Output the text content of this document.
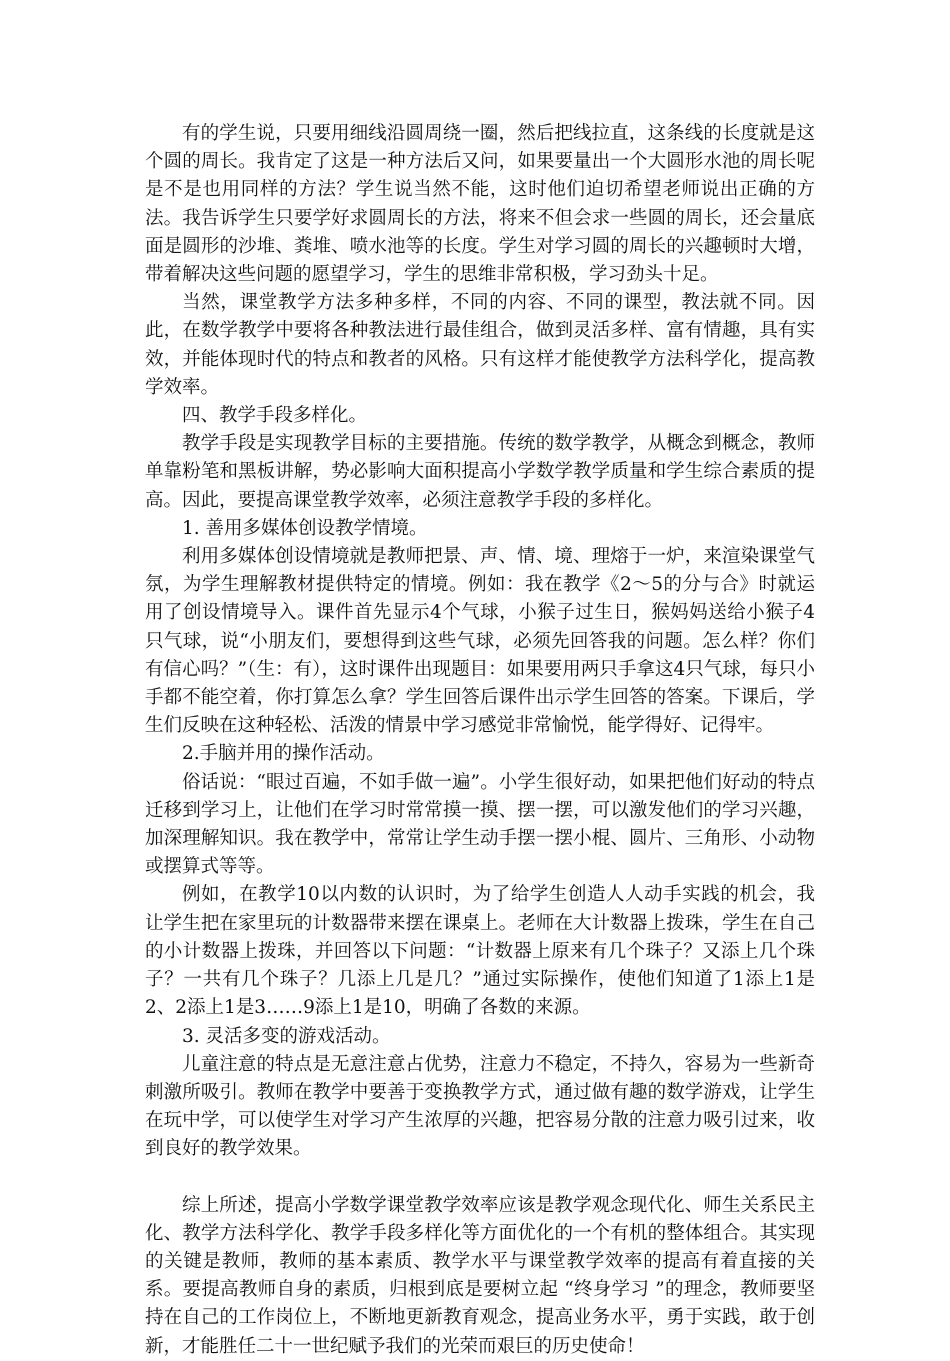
有的学生说，只要用细线沿圆周绕一圈，然后把线拉直，这条线的长度就是这个圆的周长。我肯定了这是一种方法后又问，如果要量出一个大圆形水池的周长呢是不是也用同样的方法？学生说当然不能，这时他们迫切希望老师说出正确的方法。我告诉学生只要学好求圆周长的方法，将来不但会求一些圆的周长，还会量底面是圆形的沙堆、粪堆、喷水池等的长度。学生对学习圆的周长的兴趣顿时大增，带着解决这些问题的愿望学习，学生的思维非常积极，学习劲头十足。

当然，课堂教学方法多种多样，不同的内容、不同的课型，教法就不同。因此，在数学教学中要将各种教法进行最佳组合，做到灵活多样、富有情趣，具有实效，并能体现时代的特点和教者的风格。只有这样才能使教学方法科学化，提高教学效率。

四、教学手段多样化。

教学手段是实现教学目标的主要措施。传统的数学教学，从概念到概念，教师单靠粉笔和黑板讲解，势必影响大面积提高小学数学教学质量和学生综合素质的提高。因此，要提高课堂教学效率，必须注意教学手段的多样化。

1. 善用多媒体创设教学情境。

利用多媒体创设情境就是教师把景、声、情、境、理熔于一炉，来渲染课堂气氛，为学生理解教材提供特定的情境。例如：我在教学《2～5的分与合》时就运用了创设情境导入。课件首先显示4个气球，小猴子过生日，猴妈妈送给小猴子4只气球，说“小朋友们，要想得到这些气球，必须先回答我的问题。怎么样？你们有信心吗？”（生：有），这时课件出现题目：如果要用两只手拿这4只气球，每只小手都不能空着，你打算怎么拿？学生回答后课件出示学生回答的答案。下课后，学生们反映在这种轻松、活泼的情景中学习感觉非常愉悦，能学得好、记得牢。

2.手脑并用的操作活动。

俗话说：“眼过百遍，不如手做一遍”。小学生很好动，如果把他们好动的特点迁移到学习上，让他们在学习时常常摸一摸、摆一摆，可以激发他们的学习兴趣，加深理解知识。我在教学中，常常让学生动手摆一摆小棍、圆片、三角形、小动物或摆算式等等。

例如，在教学10以内数的认识时，为了给学生创造人人动手实践的机会，我让学生把在家里玩的计数器带来摆在课桌上。老师在大计数器上拨珠，学生在自己的小计数器上拨珠，并回答以下问题：“计数器上原来有几个珠子？又添上几个珠子？一共有几个珠子？几添上几是几？”通过实际操作，使他们知道了1添上1是2、2添上1是3……9添上1是10，明确了各数的来源。

3. 灵活多变的游戏活动。

儿童注意的特点是无意注意占优势，注意力不稳定，不持久，容易为一些新奇刺激所吸引。教师在教学中要善于变换教学方式，通过做有趣的数学游戏，让学生在玩中学，可以使学生对学习产生浓厚的兴趣，把容易分散的注意力吸引过来，收到良好的教学效果。

综上所述，提高小学数学课堂教学效率应该是教学观念现代化、师生关系民主化、教学方法科学化、教学手段多样化等方面优化的一个有机的整体组合。其实现的关键是教师，教师的基本素质、教学水平与课堂教学效率的提高有着直接的关系。要提高教师自身的素质，归根到底是要树立起 “终身学习 ”的理念，教师要坚持在自己的工作岗位上，不断地更新教育观念，提高业务水平，勇于实践，敢于创新，才能胜任二十一世纪赋予我们的光荣而艰巨的历史使命！
